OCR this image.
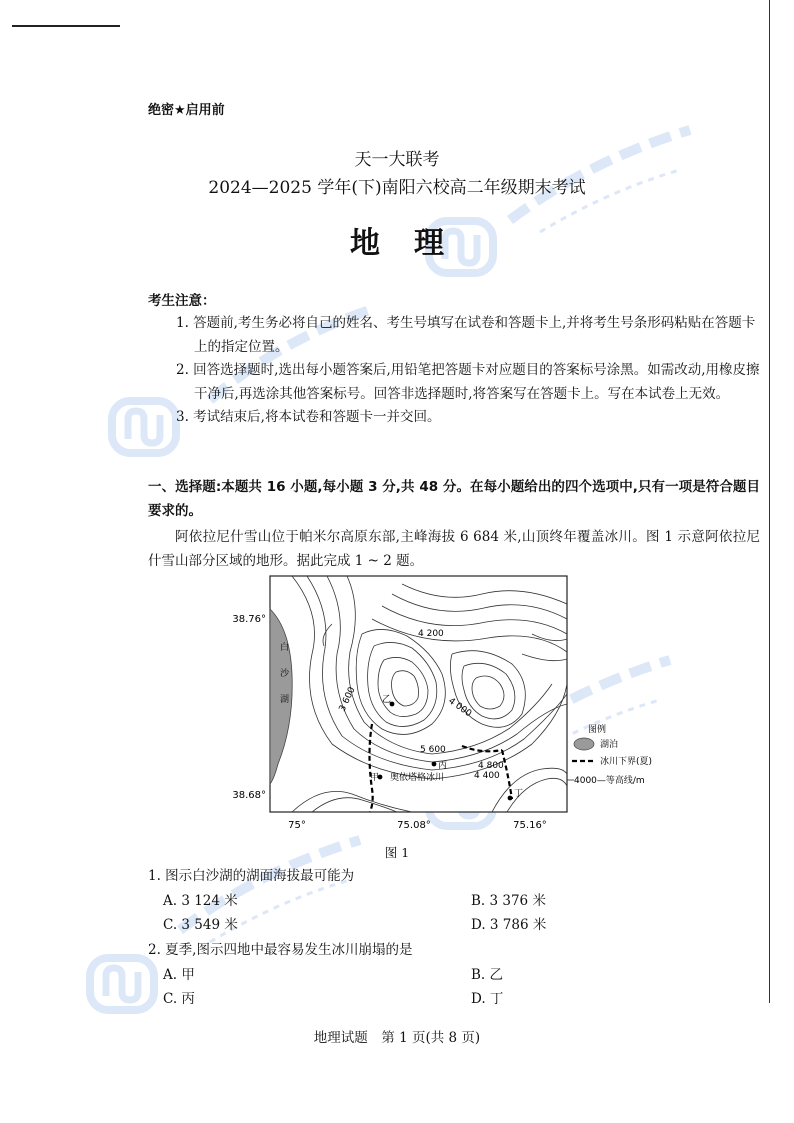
绝密★启用前
天一大联考
2024—2025 学年(下)南阳六校高二年级期末考试
地理
考生注意：
1. 答题前,考生务必将自己的姓名、考生号填写在试卷和答题卡上,并将考生号条形码粘贴在答题卡上的指定位置。
2. 回答选择题时,选出每小题答案后,用铅笔把答题卡对应题目的答案标号涂黑。如需改动,用橡皮擦干净后,再选涂其他答案标号。回答非选择题时,将答案写在答题卡上。写在本试卷上无效。
3. 考试结束后,将本试卷和答题卡一并交回。
一、选择题:本题共 16 小题,每小题 3 分,共 48 分。在每小题给出的四个选项中,只有一项是符合题目要求的。
阿依拉尼什雪山位于帕米尔高原东部,主峰海拔 6 684 米,山顶终年覆盖冰川。图 1 示意阿依拉尼什雪山部分区域的地形。据此完成 1 ~ 2 题。
白
沙
湖
4 200
3 600	4 000
5 600
4 800
4 400
乙
丙
甲 奥依塔格冰川
丁
38.76°
38.68°
75°	75.08°	75.16°
图例
湖泊
冰川下界(夏)
4000—等高线/m
图 1
1. 图示白沙湖的湖面海拔最可能为
A. 3 124 米	B. 3 376 米
C. 3 549 米	D. 3 786 米
2. 夏季,图示四地中最容易发生冰川崩塌的是
A. 甲	B. 乙
C. 丙	D. 丁
地理试题　第 1 页(共 8 页)
